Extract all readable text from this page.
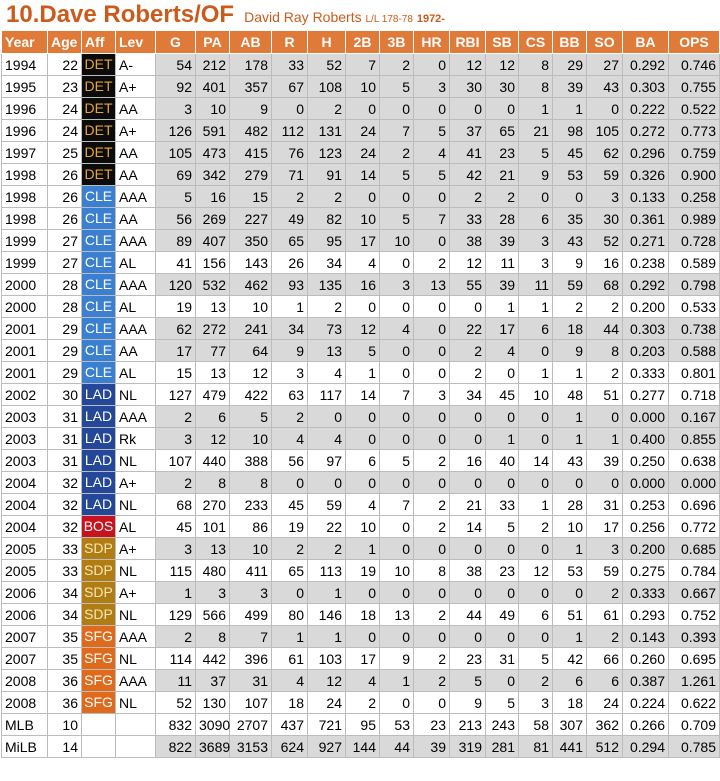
10.Dave Roberts/OF David Ray Roberts L/L 178-78 1972-
Year	Age	Aff	Lev	G	PA	AB	R	H	2B	3B	HR	RBI	SB	CS	BB	SO	BA	OPS
1994	22	DET	A-	54	212	178	33	52	7	2	0	12	12	8	29	27	0.292	0.746
1995	23	DET	A+	92	401	357	67	108	10	5	3	30	30	8	39	43	0.303	0.755
1996	24	DET	AA	3	10	9	0	2	0	0	0	0	0	1	1	0	0.222	0.522
1996	24	DET	A+	126	591	482	112	131	24	7	5	37	65	21	98	105	0.272	0.773
1997	25	DET	AA	105	473	415	76	123	24	2	4	41	23	5	45	62	0.296	0.759
1998	26	DET	AA	69	342	279	71	91	14	5	5	42	21	9	53	59	0.326	0.900
1998	26	CLE	AAA	5	16	15	2	2	0	0	0	2	2	0	0	3	0.133	0.258
1998	26	CLE	AA	56	269	227	49	82	10	5	7	33	28	6	35	30	0.361	0.989
1999	27	CLE	AAA	89	407	350	65	95	17	10	0	38	39	3	43	52	0.271	0.728
1999	27	CLE	AL	41	156	143	26	34	4	0	2	12	11	3	9	16	0.238	0.589
2000	28	CLE	AAA	120	532	462	93	135	16	3	13	55	39	11	59	68	0.292	0.798
2000	28	CLE	AL	19	13	10	1	2	0	0	0	0	1	1	2	2	0.200	0.533
2001	29	CLE	AAA	62	272	241	34	73	12	4	0	22	17	6	18	44	0.303	0.738
2001	29	CLE	AA	17	77	64	9	13	5	0	0	2	4	0	9	8	0.203	0.588
2001	29	CLE	AL	15	13	12	3	4	1	0	0	2	0	1	1	2	0.333	0.801
2002	30	LAD	NL	127	479	422	63	117	14	7	3	34	45	10	48	51	0.277	0.718
2003	31	LAD	AAA	2	6	5	2	0	0	0	0	0	0	0	1	0	0.000	0.167
2003	31	LAD	Rk	3	12	10	4	4	0	0	0	0	1	0	1	1	0.400	0.855
2003	31	LAD	NL	107	440	388	56	97	6	5	2	16	40	14	43	39	0.250	0.638
2004	32	LAD	A+	2	8	8	0	0	0	0	0	0	0	0	0	0	0.000	0.000
2004	32	LAD	NL	68	270	233	45	59	4	7	2	21	33	1	28	31	0.253	0.696
2004	32	BOS	AL	45	101	86	19	22	10	0	2	14	5	2	10	17	0.256	0.772
2005	33	SDP	A+	3	13	10	2	2	1	0	0	0	0	0	1	3	0.200	0.685
2005	33	SDP	NL	115	480	411	65	113	19	10	8	38	23	12	53	59	0.275	0.784
2006	34	SDP	A+	1	3	3	0	1	0	0	0	0	0	0	0	2	0.333	0.667
2006	34	SDP	NL	129	566	499	80	146	18	13	2	44	49	6	51	61	0.293	0.752
2007	35	SFG	AAA	2	8	7	1	1	0	0	0	0	0	0	1	2	0.143	0.393
2007	35	SFG	NL	114	442	396	61	103	17	9	2	23	31	5	42	66	0.260	0.695
2008	36	SFG	AAA	11	37	31	4	12	4	1	2	5	0	2	6	6	0.387	1.261
2008	36	SFG	NL	52	130	107	18	24	2	0	0	9	5	3	18	24	0.224	0.622
MLB	10			832	3090	2707	437	721	95	53	23	213	243	58	307	362	0.266	0.709
MiLB	14			822	3689	3153	624	927	144	44	39	319	281	81	441	512	0.294	0.785
